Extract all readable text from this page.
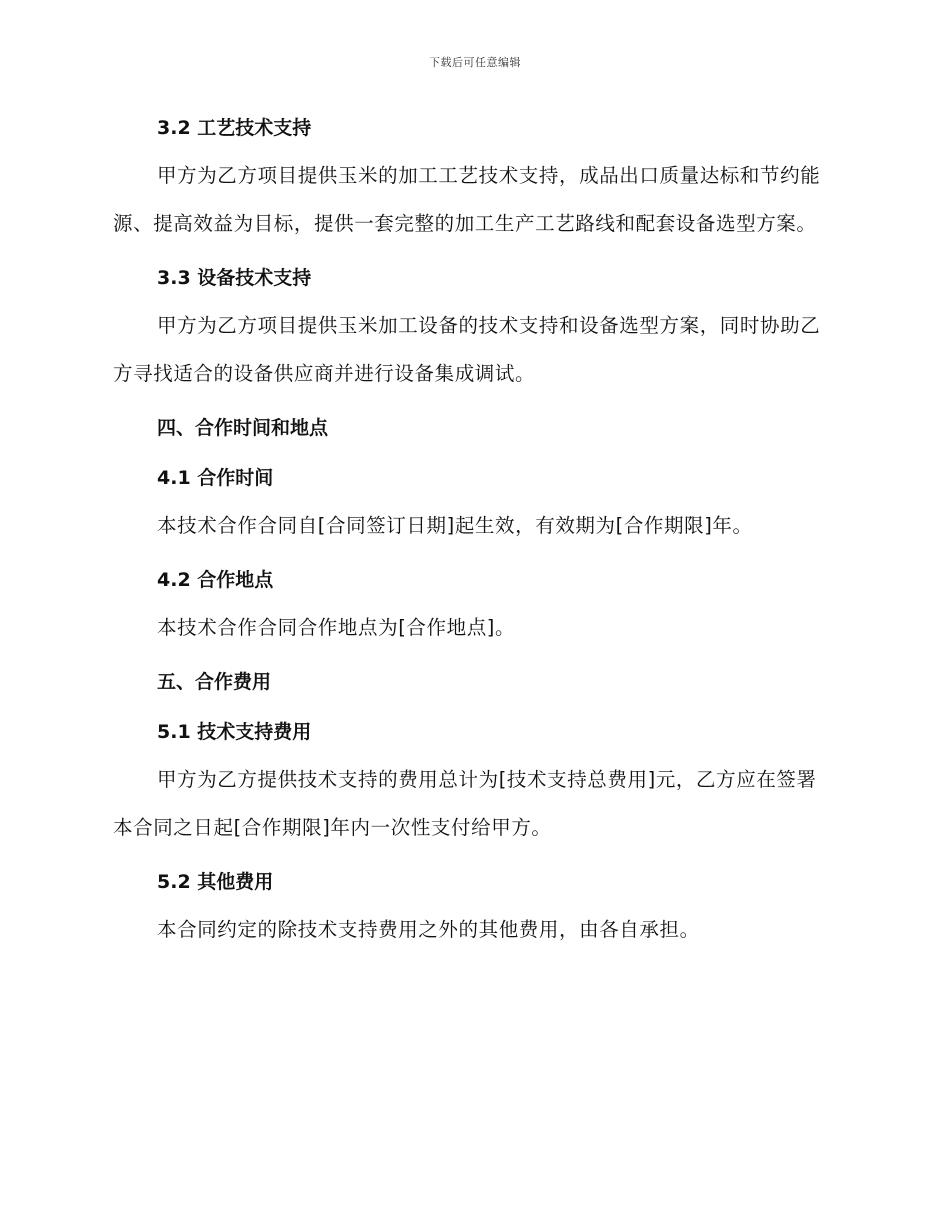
下载后可任意编辑
3.2 工艺技术支持

甲方为乙方项目提供玉米的加工工艺技术支持，成品出口质量达标和节约能源、提高效益为目标，提供一套完整的加工生产工艺路线和配套设备选型方案。

3.3 设备技术支持

甲方为乙方项目提供玉米加工设备的技术支持和设备选型方案，同时协助乙方寻找适合的设备供应商并进行设备集成调试。

四、合作时间和地点
4.1 合作时间

本技术合作合同自[合同签订日期]起生效，有效期为[合作期限]年。

4.2 合作地点

本技术合作合同合作地点为[合作地点]。

五、合作费用
5.1 技术支持费用

甲方为乙方提供技术支持的费用总计为[技术支持总费用]元，乙方应在签署本合同之日起[合作期限]年内一次性支付给甲方。

5.2 其他费用

本合同约定的除技术支持费用之外的其他费用，由各自承担。
